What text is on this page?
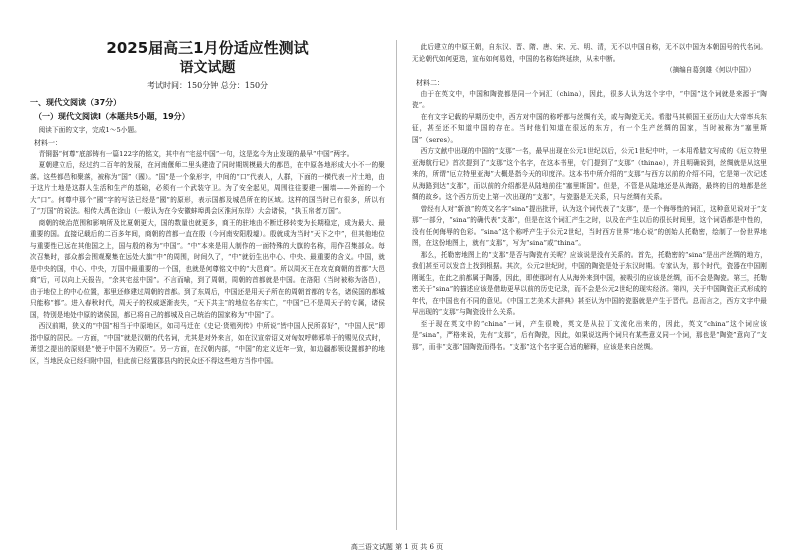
2025届高三1月份适应性测试
语文试题
考试时间：150分钟 总分：150分
一、现代文阅读（37分）
（一）现代文阅读Ⅰ（本题共5小题，19分）

阅读下面的文字，完成1～5小题。

材料一：

青铜器“何尊”底部铸有一篇122字的铭文，其中有“宅兹中国”一句，这是迄今为止发现的最早“中国”两字。

夏朝建立后，经过约二百年的发展，在河南偃师二里头建造了同时期规模最大的都邑，在中原各地形成大小不一的聚落。这些都邑和聚落，被称为“国”（國）。“国”是一个象形字，中间的“口”代表人，人群，下面的一横代表一片土地，由于这片土地是这群人生活和生产的基础，必须有一个武装守卫。为了安全起见，周围往往要建一圈墙——外面的一个大“口”。何尊中那个“國”字的写法已经是“國”的原形，表示国都及城邑所在的区域。这样的国当时已有很多，所以有了“万国”的说法。相传大禹在涂山（一般认为在今安徽蚌埠禹会区淮河东岸）大会诸侯，“执玉帛者万国”。

商朝的统治范围和影响所及比夏朝更大，国的数量也就更多，商王的驻地由不断迁移转变为长期稳定，成为最大、最重要的国。直接记载后的二百多年间，商朝的首都一直在殷（今河南安阳殷墟）。殷就成为当时“天下之中”，但其他地位与重要性已远在其他国之上，国与殷的称为“中国”。“中”本来是用人制作的一面特殊的大旗的名称，用作召集部众。每次召集时，部众都会围观聚集在远处大旗“中”的周围，时间久了，“中”就衍生出中心、中央、最重要的含义。中国，就是中央的国，中心、中央，万国中最重要的一个国，也就是何尊铭文中的“大邑商”。所以周灭王在攻克商朝的首都“大邑商”后，可以向上天报告，“余其宅兹中国”。不言而喻，到了周朝，周朝的首都就是中国。在洛阳（当时被称为洛邑），由于地位上的中心位置，那里还修建过周朝的首都。到了东周后，中国还是用天子所在的周朝首都的专名，诸侯国的都城只能称“都”。进入春秋时代，周天子的权威逐渐丧失，“天下共主”的地位名存实亡，“中国”已不是周天子的专属，诸侯国，特别是地处中原的诸侯国，都已将自己的都城及自己统治的国家称为“中国”了。

西汉前期，狭义的“中国”相当于中原地区，如司马迁在《史记·货殖列传》中所说“皆中国人民所喜好”，“中国人民”即指中原的居民。一方面，“中国”就是汉朝的代名词，尤其是对外来言，如在汉宣帝诏义对匈奴呼韩邪单于的赐见仪式时，萧望之提出的原则是“使于中国不为殿臣”。另一方面，在汉朝内部，“中国”的定义近年一致，如边疆都领设置都护的地区，当地民众已经归附中国，但此前已经置郡县内的民众还不得这些地方当作中国。

此后建立的中原王朝，自东汉、晋、隋、唐、宋、元、明、清，无不以中国自称，无不以中国为本朝国号的代名词。无论朝代如何更迭，宣布如何易姓，中国的名称始终延续，从未中断。

（摘编自葛剑雄《何以中国》）
材料二：

由于在英文中，中国和陶瓷都是同一个词汇（china），因此，很多人认为这个字中，“中国”这个词就是来源于“陶瓷”。

在有文字记载的早期历史中，西方对中国的称呼都与丝绸有关，或与陶瓷无关。希腊马其顿国王亚历山大大帝率兵东征，甚至还不知道中国的存在。当时他们知道在很远的东方，有一个生产丝绸的国家，当时被称为“塞里斯国”（seres）。

西方文献中出现的中国的“支那”一名，最早出现在公元1世纪以后，公元1世纪中叶，一本用希腊文写成的《厄立特里亚海航行记》首次提到了“支那”这个名字，在这本书里，专门提到了“支那”（thinae），并且明确说到，丝绸就是从这里来的，所谓“厄立特里亚海”大概是指今天的印度洋。这本书中所介绍的“支那”与西方以前的介绍不同，它是第一次记述从海路到达“支那”，而以前的介绍都是从陆地前往“塞里斯国”。但是，不管是从陆地还是从海路，最终的目的地都是丝绸的故乡。这个西方历史上第一次出现的“支那”，与瓷器是无关系，只与丝绸有关系。

曾经有人对“新浪”的英文名字“sina”提出批评，认为这个词代表了“支那”，是一个侮辱性的词汇，这种意见说对于“支那”一部分，“sina”的确代表“支那”，但是在这个词汇产生之时，以及在产生以后的很长时间里，这个词语都是中性的，没有任何侮辱的色彩。“sina”这个称呼产生于公元2世纪，当时西方世界“地心说”的创始人托勒密，绘制了一份世界地图，在这份地图上，就有“支那”，写为“sina”或“thina”。

那么，托勒密地图上的“支那”是否与陶瓷有关呢？应该说是没有关系的。首先，托勒密的“sina”是出产丝绸的地方，我们甚至可以发音上找到根据。其次，公元2世纪时，中国的陶瓷是处于东汉时期。专家认为，那个时代，瓷器在中国刚刚诞生，在此之前都属于陶器，因此，即使那时有人从海外来到中国，被吸引的应该是丝绸，而不会是陶瓷。第三，托勒密关于“sina”的描述应该是借助更早以前的历史记录，而不会是公元2世纪的现实经济。第四，关于中国陶瓷正式形成的年代，在中国也有不同的意见。《中国工艺美术大辞典》甚至认为中国的瓷器就是产生于晋代。总而言之，西方文字中最早出现的“支那”与陶瓷没什么关系。

至于现在英文中的“china”一词，产生很晚，英文是从拉丁文流化出来的，因此，英文“china”这个词应该是“sina”，严格来说，先有“支那”，后有陶瓷，因此，如果说这两个词只有某些意义同一个词，那也是“陶瓷”意向了“支那”，而非“支那”国陶瓷而得名。“支那”这个名字更合适的解释，应该是来自丝绸。

高三语文试题 第 1 页 共 6 页
